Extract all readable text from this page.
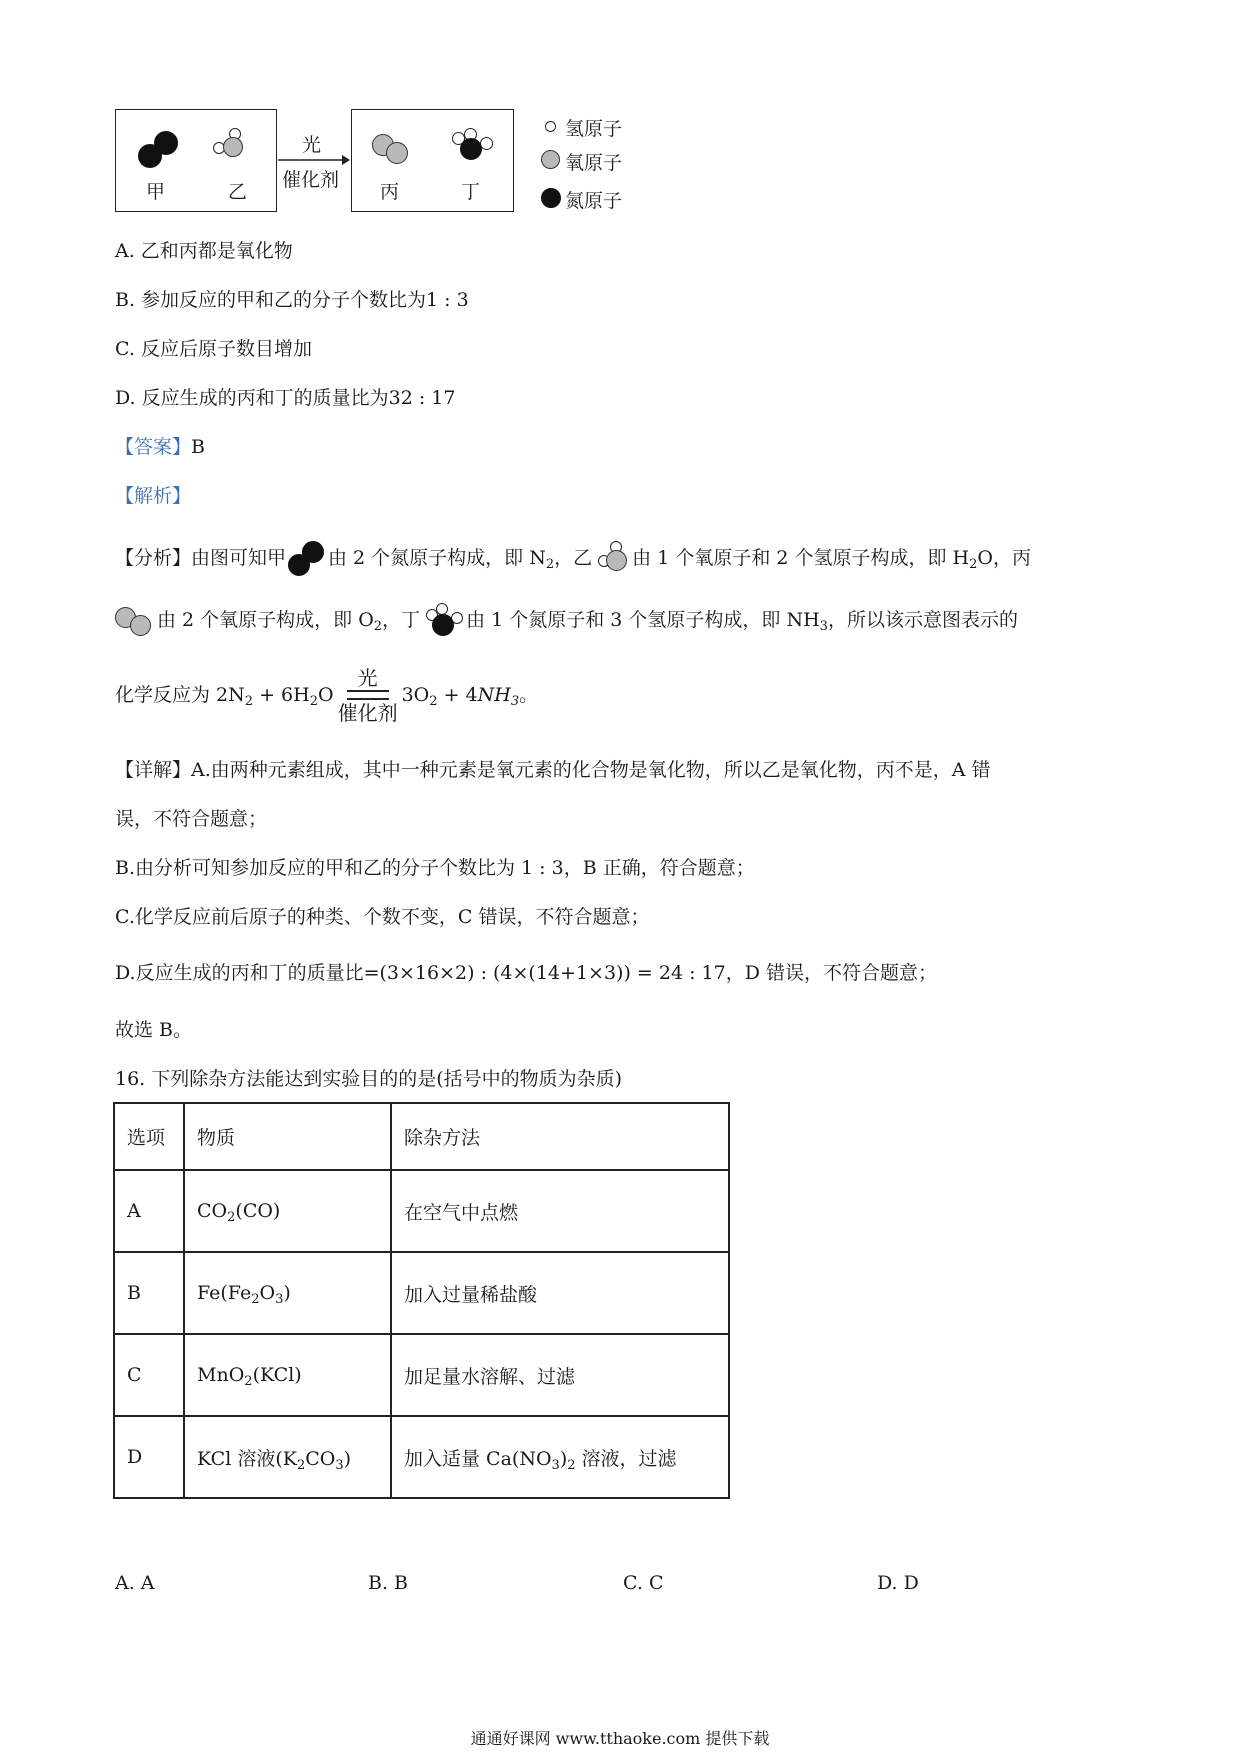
甲	乙
光
催化剂
丙	丁
氢原子
氧原子
氮原子
A. 乙和丙都是氧化物
B. 参加反应的甲和乙的分子个数比为1 : 3
C. 反应后原子数目增加
D. 反应生成的丙和丁的质量比为32 : 17
【答案】B
【解析】
【分析】由图可知甲 由 2 个氮原子构成，即 $N_2$，乙 由 1 个氧原子和 2 个氢原子构成，即 $H_2O$，丙
由 2 个氧原子构成，即 $O_2$，丁 由 1 个氮原子和 3 个氢原子构成，即 $NH_3$，所以该示意图表示的
化学反应为 $2N_2 + 6H_2O$
光
催化剂
$3O_2 + 4NH_3$。
【详解】A.由两种元素组成，其中一种元素是氧元素的化合物是氧化物，所以乙是氧化物，丙不是，A 错
误，不符合题意；
B.由分析可知参加反应的甲和乙的分子个数比为 1 : 3，B 正确，符合题意；
C.化学反应前后原子的种类、个数不变，C 错误，不符合题意；
D.反应生成的丙和丁的质量比=(3×16×2) : (4×(14+1×3)) = 24 : 17，D 错误，不符合题意；
故选 B。
16. 下列除杂方法能达到实验目的的是(括号中的物质为杂质)
选项	物质	除杂方法
A	$CO_2(CO)$	在空气中点燃
B	$Fe(Fe_2O_3)$	加入过量稀盐酸
C	MnO$_2$(KCl)	加足量水溶解、过滤
D	KCl 溶液$(K_2CO_3)$	加入适量 $Ca(NO_3)_2$ 溶液，过滤
A. A	B. B	C. C	D. D
通通好课网 www.tthaoke.com 提供下载
